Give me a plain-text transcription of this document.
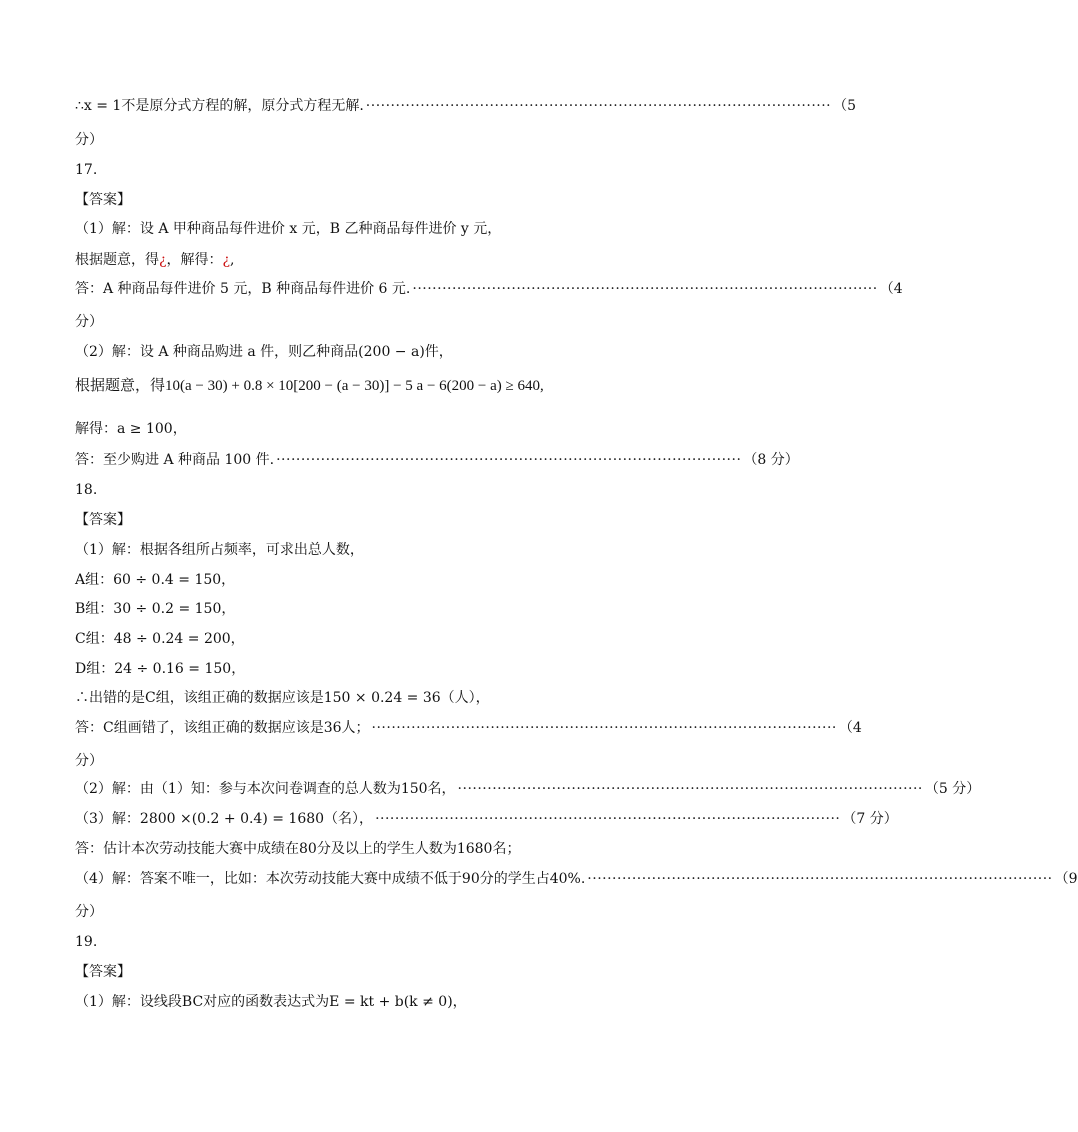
∴x = 1不是原分式方程的解，原分式方程无解. ······························································································ （5
分）
17.
【答案】
（1）解：设 A 甲种商品每件进价 x 元，B 乙种商品每件进价 y 元，
根据题意，得¿，解得：¿,
答：A 种商品每件进价 5 元，B 种商品每件进价 6 元. ······························································································ （4
分）
（2）解：设 A 种商品购进 a 件，则乙种商品(200 − a)件，
根据题意，得10(a − 30) + 0.8 × 10[200 − (a − 30)] − 5 a − 6(200 − a) ≥ 640,
解得：a ≥ 100，
答：至少购进 A 种商品 100 件. ······························································································ （8 分）
18.
【答案】
（1）解：根据各组所占频率，可求出总人数，
A组：60 ÷ 0.4 = 150，
B组：30 ÷ 0.2 = 150，
C组：48 ÷ 0.24 = 200，
D组：24 ÷ 0.16 = 150，
∴出错的是C组，该组正确的数据应该是150 × 0.24 = 36（人），
答：C组画错了，该组正确的数据应该是36人； ······························································································ （4
分）
（2）解：由（1）知：参与本次问卷调查的总人数为150名， ······························································································ （5 分）
（3）解：2800 ×(0.2 + 0.4) = 1680（名）， ······························································································ （7 分）
答：估计本次劳动技能大赛中成绩在80分及以上的学生人数为1680名；
（4）解：答案不唯一，比如：本次劳动技能大赛中成绩不低于90分的学生占40%. ······························································································ （9
分）
19.
【答案】
（1）解：设线段BC对应的函数表达式为E = kt + b(k ≠ 0)，
